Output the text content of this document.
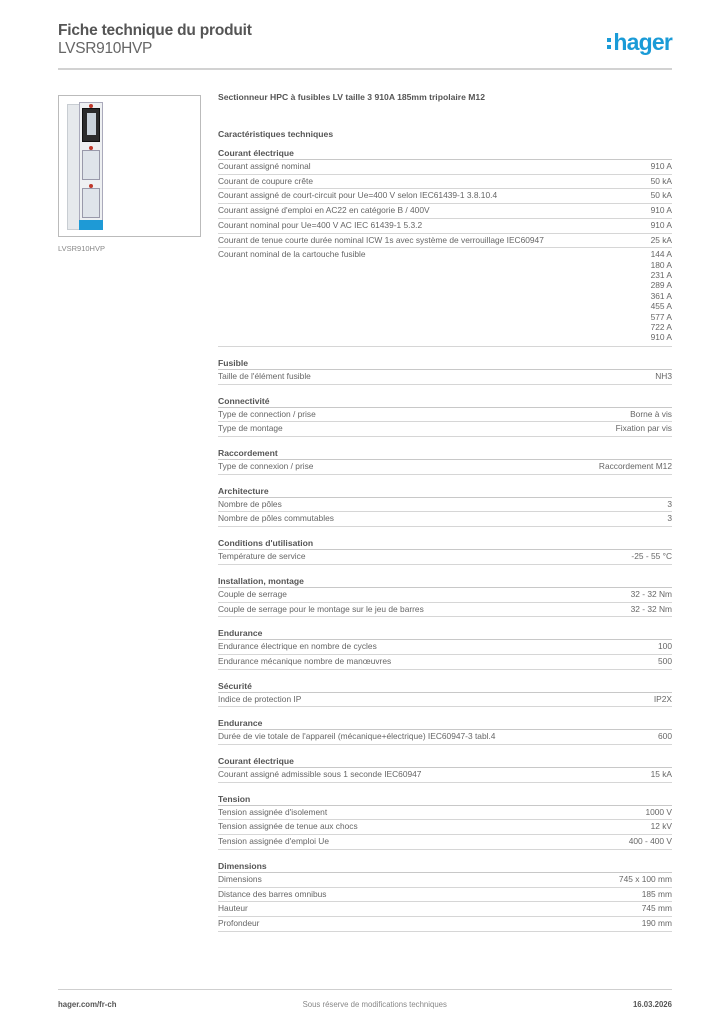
Fiche technique du produit
LVSR910HVP	hager
LVSR910HVP
Sectionneur HPC à fusibles LV taille 3 910A 185mm tripolaire M12
Caractéristiques techniques
Courant électrique
Courant assigné nominal	910 A
Courant de coupure crête	50 kA
Courant assigné de court-circuit pour Ue=400 V selon IEC61439-1 3.8.10.4	50 kA
Courant assigné d'emploi en AC22 en catégorie B / 400V	910 A
Courant nominal pour Ue=400 V AC IEC 61439-1 5.3.2	910 A
Courant de tenue courte durée nominal ICW 1s avec système de verrouillage IEC60947	25 kA
Courant nominal de la cartouche fusible	144 A
180 A
231 A
289 A
361 A
455 A
577 A
722 A
910 A
Fusible
Taille de l'élément fusible	NH3
Connectivité
Type de connection / prise	Borne à vis
Type de montage	Fixation par vis
Raccordement
Type de connexion / prise	Raccordement M12
Architecture
Nombre de pôles	3
Nombre de pôles commutables	3
Conditions d'utilisation
Température de service	-25 - 55 °C
Installation, montage
Couple de serrage	32 - 32 Nm
Couple de serrage pour le montage sur le jeu de barres	32 - 32 Nm
Endurance
Endurance électrique en nombre de cycles	100
Endurance mécanique nombre de manœuvres	500
Sécurité
Indice de protection IP	IP2X
Endurance
Durée de vie totale de l'appareil (mécanique+électrique) IEC60947-3 tabl.4	600
Courant électrique
Courant assigné admissible sous 1 seconde IEC60947	15 kA
Tension
Tension assignée d'isolement	1000 V
Tension assignée de tenue aux chocs	12 kV
Tension assignée d'emploi Ue	400 - 400 V
Dimensions
Dimensions	745 x 100 mm
Distance des barres omnibus	185 mm
Hauteur	745 mm
Profondeur	190 mm
hager.com/fr-ch	Sous réserve de modifications techniques	16.03.2026
